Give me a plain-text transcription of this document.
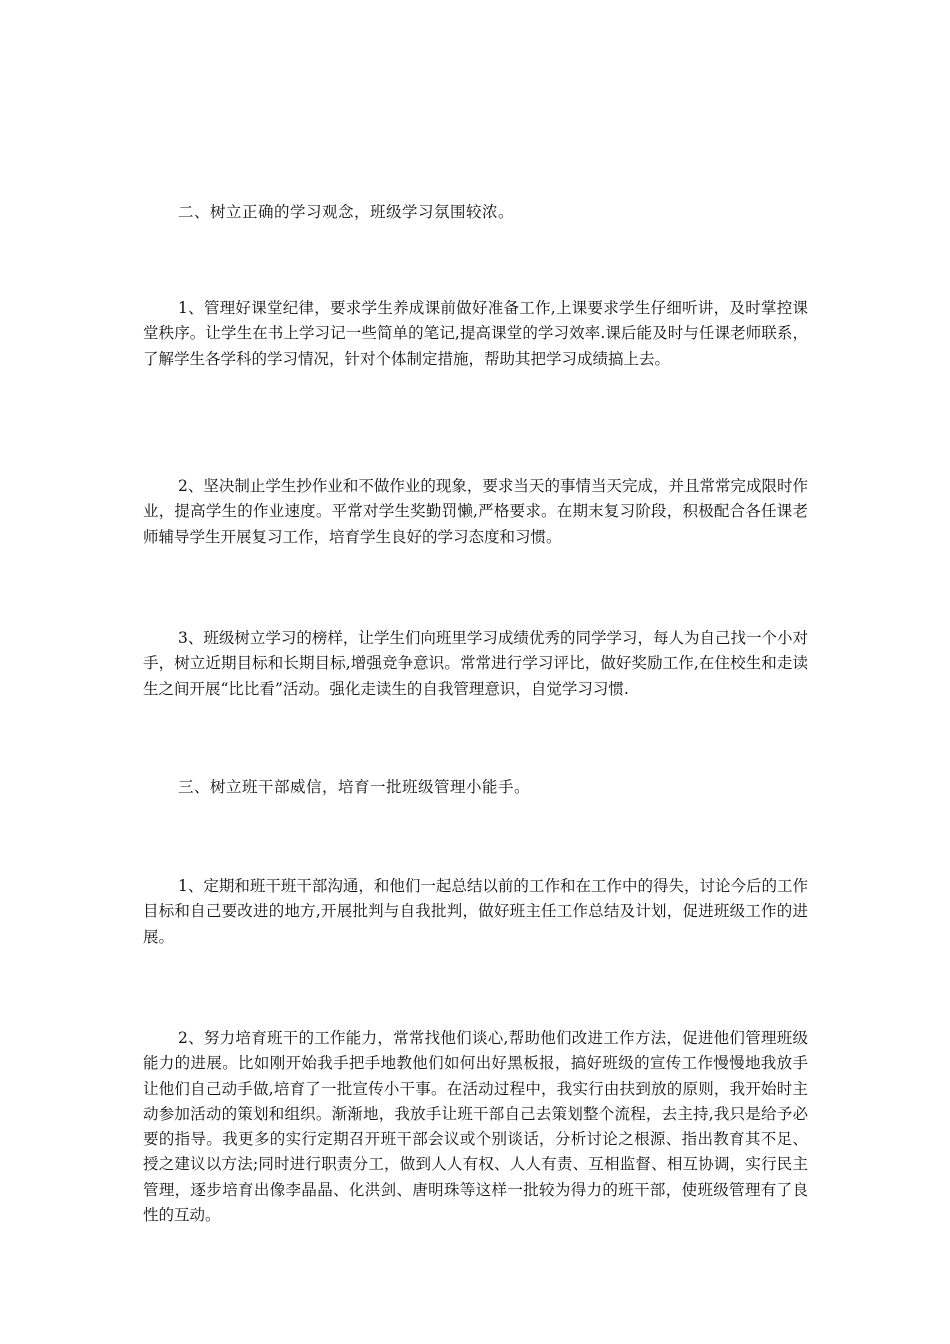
二、树立正确的学习观念，班级学习氛围较浓。

1、管理好课堂纪律，要求学生养成课前做好准备工作,上课要求学生仔细听讲，及时掌控课堂秩序。让学生在书上学习记一些简单的笔记,提高课堂的学习效率.课后能及时与任课老师联系，了解学生各学科的学习情况，针对个体制定措施，帮助其把学习成绩搞上去。

2、坚决制止学生抄作业和不做作业的现象，要求当天的事情当天完成，并且常常完成限时作业，提高学生的作业速度。平常对学生奖勤罚懒,严格要求。在期末复习阶段，积极配合各任课老师辅导学生开展复习工作，培育学生良好的学习态度和习惯。

3、班级树立学习的榜样，让学生们向班里学习成绩优秀的同学学习，每人为自己找一个小对手，树立近期目标和长期目标,增强竞争意识。常常进行学习评比，做好奖励工作,在住校生和走读生之间开展“比比看”活动。强化走读生的自我管理意识，自觉学习习惯.

三、树立班干部威信，培育一批班级管理小能手。

1、定期和班干班干部沟通，和他们一起总结以前的工作和在工作中的得失，讨论今后的工作目标和自己要改进的地方,开展批判与自我批判，做好班主任工作总结及计划，促进班级工作的进展。

2、努力培育班干的工作能力，常常找他们谈心,帮助他们改进工作方法，促进他们管理班级能力的进展。比如刚开始我手把手地教他们如何出好黑板报，搞好班级的宣传工作慢慢地我放手让他们自己动手做,培育了一批宣传小干事。在活动过程中，我实行由扶到放的原则，我开始时主动参加活动的策划和组织。渐渐地，我放手让班干部自己去策划整个流程，去主持,我只是给予必要的指导。我更多的实行定期召开班干部会议或个别谈话，分析讨论之根源、指出教育其不足、授之建议以方法;同时进行职责分工，做到人人有权、人人有责、互相监督、相互协调，实行民主管理，逐步培育出像李晶晶、化洪剑、唐明珠等这样一批较为得力的班干部，使班级管理有了良性的互动。
